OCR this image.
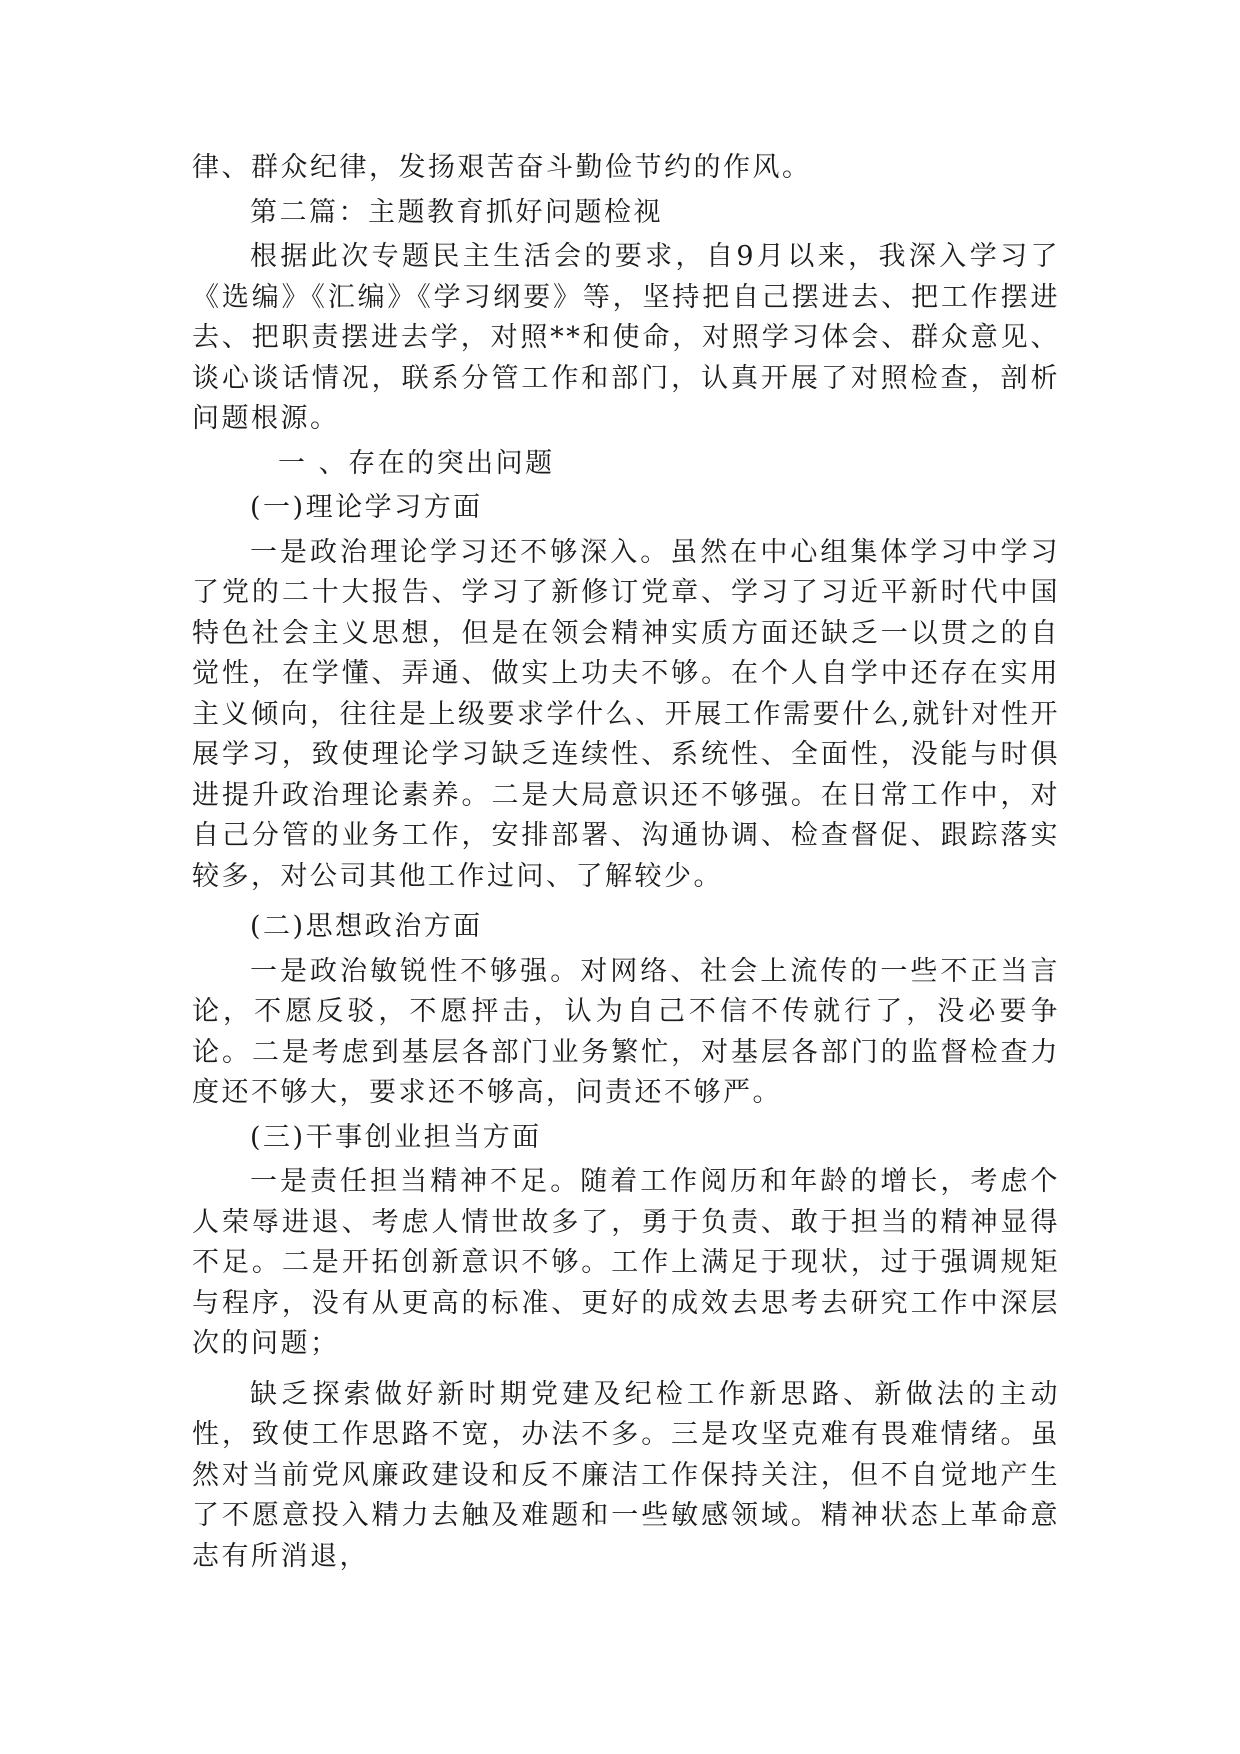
律、群众纪律，发扬艰苦奋斗勤俭节约的作风。

第二篇：主题教育抓好问题检视

根据此次专题民主生活会的要求，自9月以来，我深入学习了《选编》《汇编》《学习纲要》等，坚持把自己摆进去、把工作摆进去、把职责摆进去学，对照**和使命，对照学习体会、群众意见、谈心谈话情况，联系分管工作和部门，认真开展了对照检查，剖析问题根源。

一 、存在的突出问题

(一)理论学习方面

一是政治理论学习还不够深入。虽然在中心组集体学习中学习了党的二十大报告、学习了新修订党章、学习了习近平新时代中国特色社会主义思想，但是在领会精神实质方面还缺乏一以贯之的自觉性，在学懂、弄通、做实上功夫不够。在个人自学中还存在实用主义倾向，往往是上级要求学什么、开展工作需要什么,就针对性开展学习，致使理论学习缺乏连续性、系统性、全面性，没能与时俱进提升政治理论素养。二是大局意识还不够强。在日常工作中，对自己分管的业务工作，安排部署、沟通协调、检查督促、跟踪落实较多，对公司其他工作过问、了解较少。

(二)思想政治方面

一是政治敏锐性不够强。对网络、社会上流传的一些不正当言论，不愿反驳，不愿抨击，认为自己不信不传就行了，没必要争论。二是考虑到基层各部门业务繁忙，对基层各部门的监督检查力度还不够大，要求还不够高，问责还不够严。

(三)干事创业担当方面

一是责任担当精神不足。随着工作阅历和年龄的增长，考虑个人荣辱进退、考虑人情世故多了，勇于负责、敢于担当的精神显得不足。二是开拓创新意识不够。工作上满足于现状，过于强调规矩与程序，没有从更高的标准、更好的成效去思考去研究工作中深层次的问题；

缺乏探索做好新时期党建及纪检工作新思路、新做法的主动性，致使工作思路不宽，办法不多。三是攻坚克难有畏难情绪。虽然对当前党风廉政建设和反不廉洁工作保持关注，但不自觉地产生了不愿意投入精力去触及难题和一些敏感领域。精神状态上革命意志有所消退，
